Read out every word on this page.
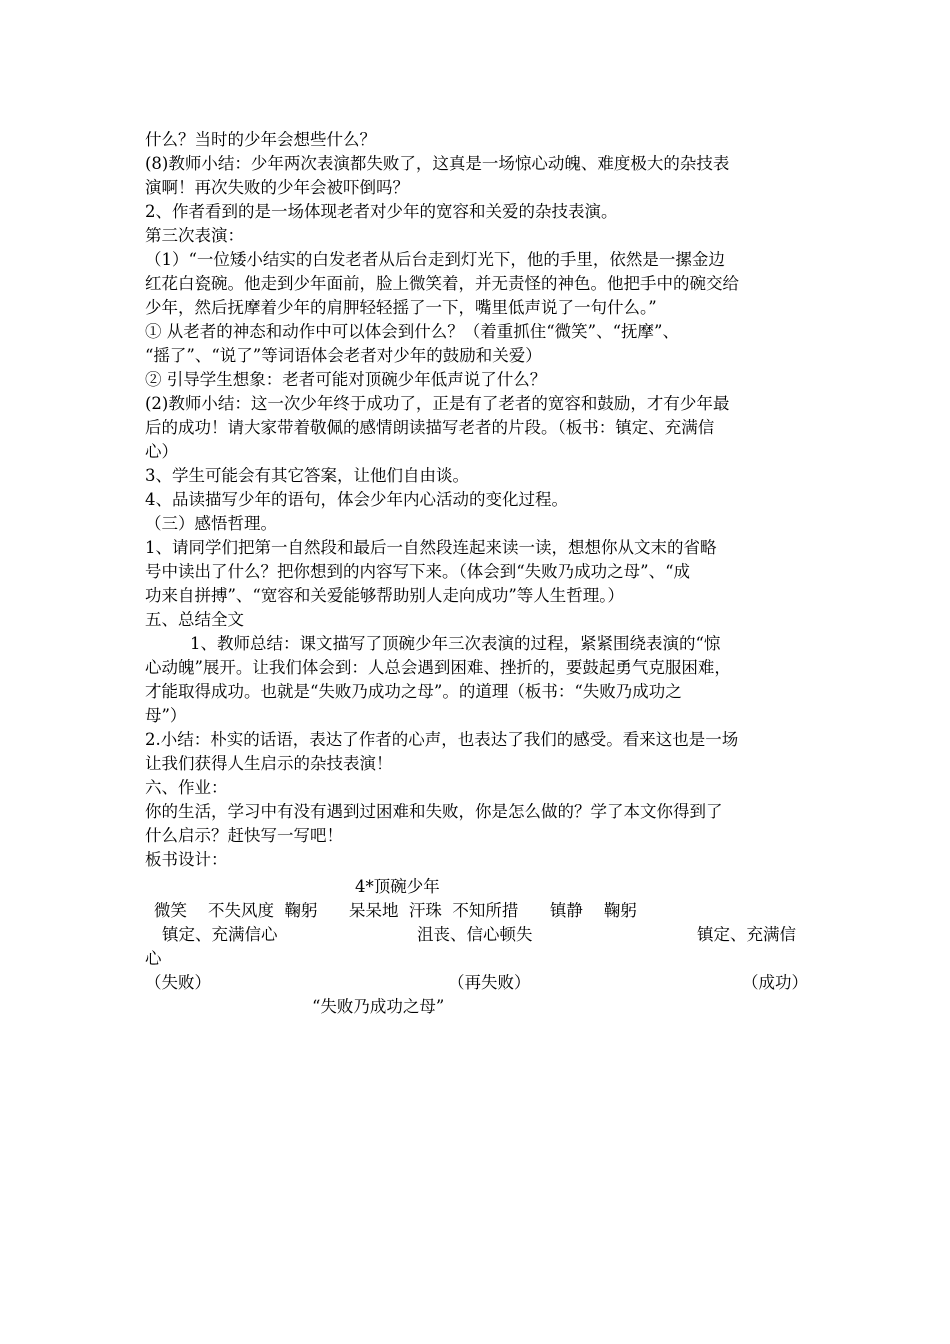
什么？当时的少年会想些什么？
(8)教师小结：少年两次表演都失败了，这真是一场惊心动魄、难度极大的杂技表
演啊！再次失败的少年会被吓倒吗？
2、作者看到的是一场体现老者对少年的宽容和关爱的杂技表演。
第三次表演：
（1）“一位矮小结实的白发老者从后台走到灯光下，他的手里，依然是一摞金边
红花白瓷碗。他走到少年面前，脸上微笑着，并无责怪的神色。他把手中的碗交给
少年，然后抚摩着少年的肩胛轻轻摇了一下，嘴里低声说了一句什么。”
① 从老者的神态和动作中可以体会到什么？（着重抓住“微笑”、“抚摩”、
“摇了”、“说了”等词语体会老者对少年的鼓励和关爱）
② 引导学生想象：老者可能对顶碗少年低声说了什么？
(2)教师小结：这一次少年终于成功了，正是有了老者的宽容和鼓励，才有少年最
后的成功！请大家带着敬佩的感情朗读描写老者的片段。（板书：镇定、充满信
心）
3、学生可能会有其它答案，让他们自由谈。
4、品读描写少年的语句，体会少年内心活动的变化过程。
（三）感悟哲理。
1、请同学们把第一自然段和最后一自然段连起来读一读，想想你从文末的省略
号中读出了什么？把你想到的内容写下来。（体会到“失败乃成功之母”、“成
功来自拼搏”、“宽容和关爱能够帮助别人走向成功”等人生哲理。）
五、总结全文
1、教师总结：课文描写了顶碗少年三次表演的过程，紧紧围绕表演的“惊
心动魄”展开。让我们体会到：人总会遇到困难、挫折的，要鼓起勇气克服困难，
才能取得成功。也就是“失败乃成功之母”。的道理（板书：“失败乃成功之
母”）
2.小结：朴实的话语，表达了作者的心声，也表达了我们的感受。看来这也是一场
让我们获得人生启示的杂技表演！
六、作业：
你的生活，学习中有没有遇到过困难和失败，你是怎么做的？学了本文你得到了
什么启示？赶快写一写吧！
板书设计：
4*顶碗少年
微笑    不失风度  鞠躬      呆呆地  汗珠  不知所措      镇静    鞠躬
镇定、充满信心	沮丧、信心顿失	镇定、充满信
心
（失败）	（再失败）	（成功）
“失败乃成功之母”
